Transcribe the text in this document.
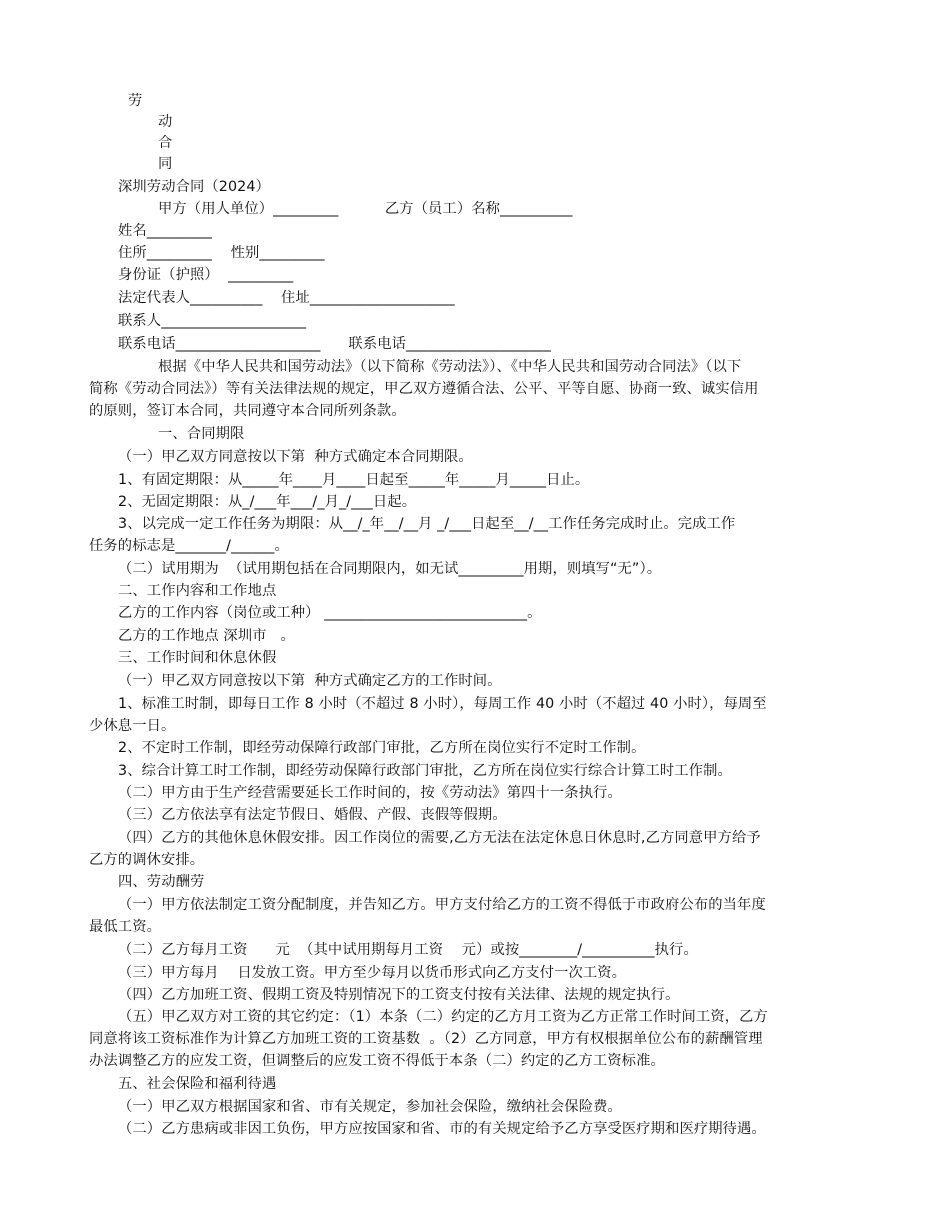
劳
动
合
同
深圳劳动合同（2024）
甲方（用人单位）_________          乙方（员工）名称__________
姓名_________
住所_________    性别_________
身份证（护照）  _________
法定代表人__________    住址____________________
联系人____________________
联系电话____________________      联系电话____________________
根据《中华人民共和国劳动法》（以下简称《劳动法》）、《中华人民共和国劳动合同法》（以下
简称《劳动合同法》）等有关法律法规的规定，甲乙双方遵循合法、公平、平等自愿、协商一致、诚实信用
的原则，签订本合同，共同遵守本合同所列条款。
一、合同期限
（一）甲乙双方同意按以下第  种方式确定本合同期限。
1、有固定期限：从_____年____月____日起至_____年_____月_____日止。
2、无固定期限：从_/___年___/_月_/___日起。
3、以完成一定工作任务为期限：从__/_年__/__月 _/___日起至__/__工作任务完成时止。完成工作
任务的标志是_______/______。
（二）试用期为  （试用期包括在合同期限内，如无试_________用期，则填写“无”）。
二、工作内容和工作地点
乙方的工作内容（岗位或工种） ____________________________。
乙方的工作地点 深圳市   。
三、工作时间和休息休假
（一）甲乙双方同意按以下第  种方式确定乙方的工作时间。
1、标准工时制，即每日工作 8 小时（不超过 8 小时），每周工作 40 小时（不超过 40 小时），每周至
少休息一日。
2、不定时工作制，即经劳动保障行政部门审批，乙方所在岗位实行不定时工作制。
3、综合计算工时工作制，即经劳动保障行政部门审批，乙方所在岗位实行综合计算工时工作制。
（二）甲方由于生产经营需要延长工作时间的，按《劳动法》第四十一条执行。
（三）乙方依法享有法定节假日、婚假、产假、丧假等假期。
（四）乙方的其他休息休假安排。因工作岗位的需要,乙方无法在法定休息日休息时,乙方同意甲方给予
乙方的调休安排。
四、劳动酬劳
（一）甲方依法制定工资分配制度，并告知乙方。甲方支付给乙方的工资不得低于市政府公布的当年度
最低工资。
（二）乙方每月工资      元  （其中试用期每月工资    元）或按________/__________执行。
（三）甲方每月    日发放工资。甲方至少每月以货币形式向乙方支付一次工资。
（四）乙方加班工资、假期工资及特别情况下的工资支付按有关法律、法规的规定执行。
（五）甲乙双方对工资的其它约定：（1）本条（二）约定的乙方月工资为乙方正常工作时间工资，乙方
同意将该工资标准作为计算乙方加班工资的工资基数  。（2）乙方同意，甲方有权根据单位公布的薪酬管理
办法调整乙方的应发工资，但调整后的应发工资不得低于本条（二）约定的乙方工资标准。
五、社会保险和福利待遇
（一）甲乙双方根据国家和省、市有关规定，参加社会保险，缴纳社会保险费。
（二）乙方患病或非因工负伤，甲方应按国家和省、市的有关规定给予乙方享受医疗期和医疗期待遇。
